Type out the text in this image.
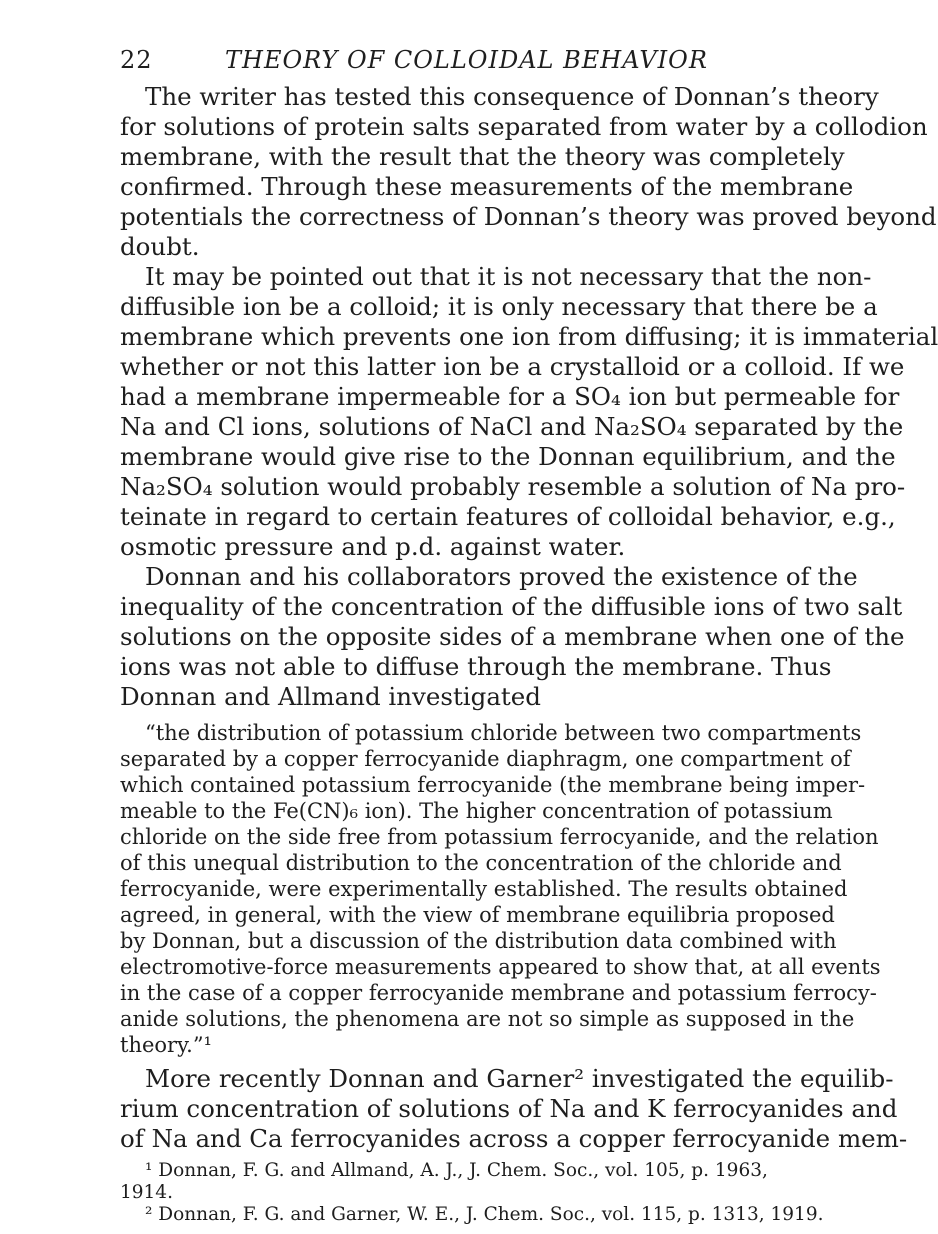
22	THEORY OF COLLOIDAL BEHAVIOR
The writer has tested this consequence of Donnan’s theory
for solutions of protein salts separated from water by a collodion
membrane, with the result that the theory was completely
confirmed. Through these measurements of the membrane
potentials the correctness of Donnan’s theory was proved beyond
doubt.
It may be pointed out that it is not necessary that the non-
diffusible ion be a colloid; it is only necessary that there be a
membrane which prevents one ion from diffusing; it is immaterial
whether or not this latter ion be a crystalloid or a colloid. If we
had a membrane impermeable for a SO₄ ion but permeable for
Na and Cl ions, solutions of NaCl and Na₂SO₄ separated by the
membrane would give rise to the Donnan equilibrium, and the
Na₂SO₄ solution would probably resemble a solution of Na pro-
teinate in regard to certain features of colloidal behavior, e.g.,
osmotic pressure and p.d. against water.
Donnan and his collaborators proved the existence of the
inequality of the concentration of the diffusible ions of two salt
solutions on the opposite sides of a membrane when one of the
ions was not able to diffuse through the membrane. Thus
Donnan and Allmand investigated
“the distribution of potassium chloride between two compartments
separated by a copper ferrocyanide diaphragm, one compartment of
which contained potassium ferrocyanide (the membrane being imper-
meable to the Fe(CN)₆ ion). The higher concentration of potassium
chloride on the side free from potassium ferrocyanide, and the relation
of this unequal distribution to the concentration of the chloride and
ferrocyanide, were experimentally established. The results obtained
agreed, in general, with the view of membrane equilibria proposed
by Donnan, but a discussion of the distribution data combined with
electromotive-force measurements appeared to show that, at all events
in the case of a copper ferrocyanide membrane and potassium ferrocy-
anide solutions, the phenomena are not so simple as supposed in the
theory.”¹
More recently Donnan and Garner² investigated the equilib-
rium concentration of solutions of Na and K ferrocyanides and
of Na and Ca ferrocyanides across a copper ferrocyanide mem-
¹ Donnan, F. G. and Allmand, A. J., J. Chem. Soc., vol. 105, p. 1963,
1914.
² Donnan, F. G. and Garner, W. E., J. Chem. Soc., vol. 115, p. 1313, 1919.
